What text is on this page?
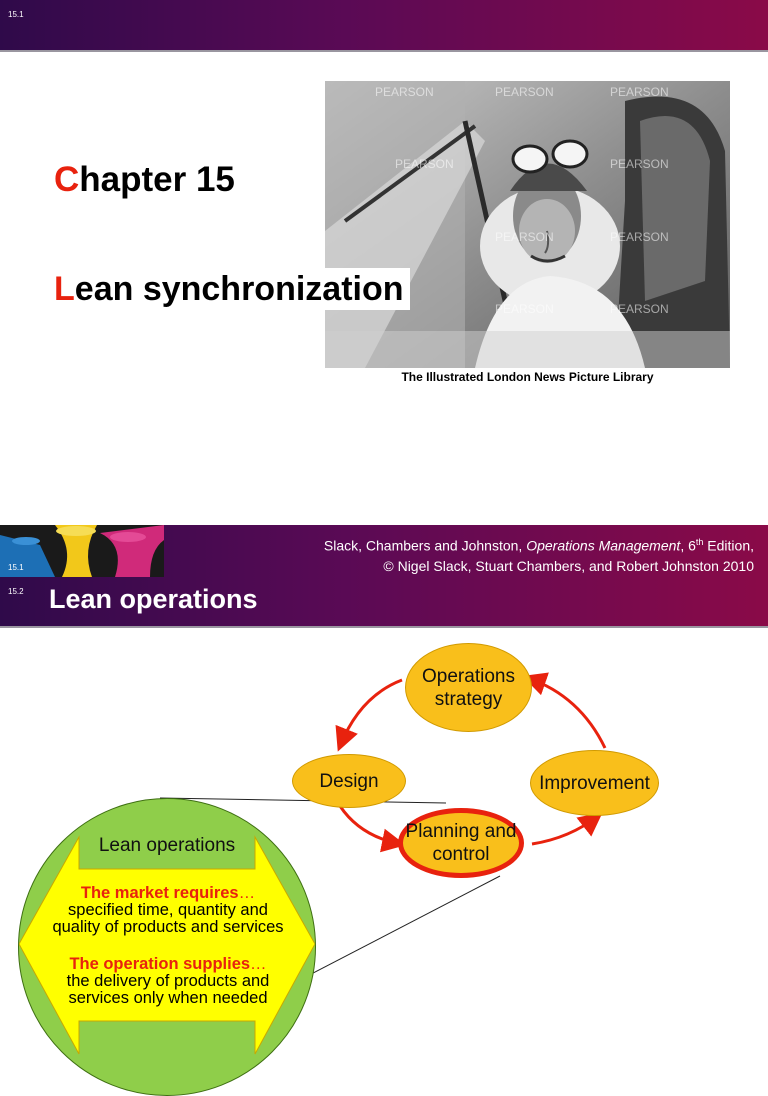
15.1
Chapter 15
PEARSON	PEARSON	PEARSON
PEARSON	PEARSON
PEARSON	PEARSON
PEARSON	PEARSON
Lean synchronization
The Illustrated London News Picture Library
15.1
Slack, Chambers and Johnston, Operations Management, 6th Edition,
© Nigel Slack, Stuart Chambers, and Robert Johnston 2010
15.2 Lean operations
Operations strategy
Design	Improvement
Planning and control
Lean operations
The market requires…
specified time, quantity and quality of products and services
The operation supplies…
the delivery of products and services only when needed
